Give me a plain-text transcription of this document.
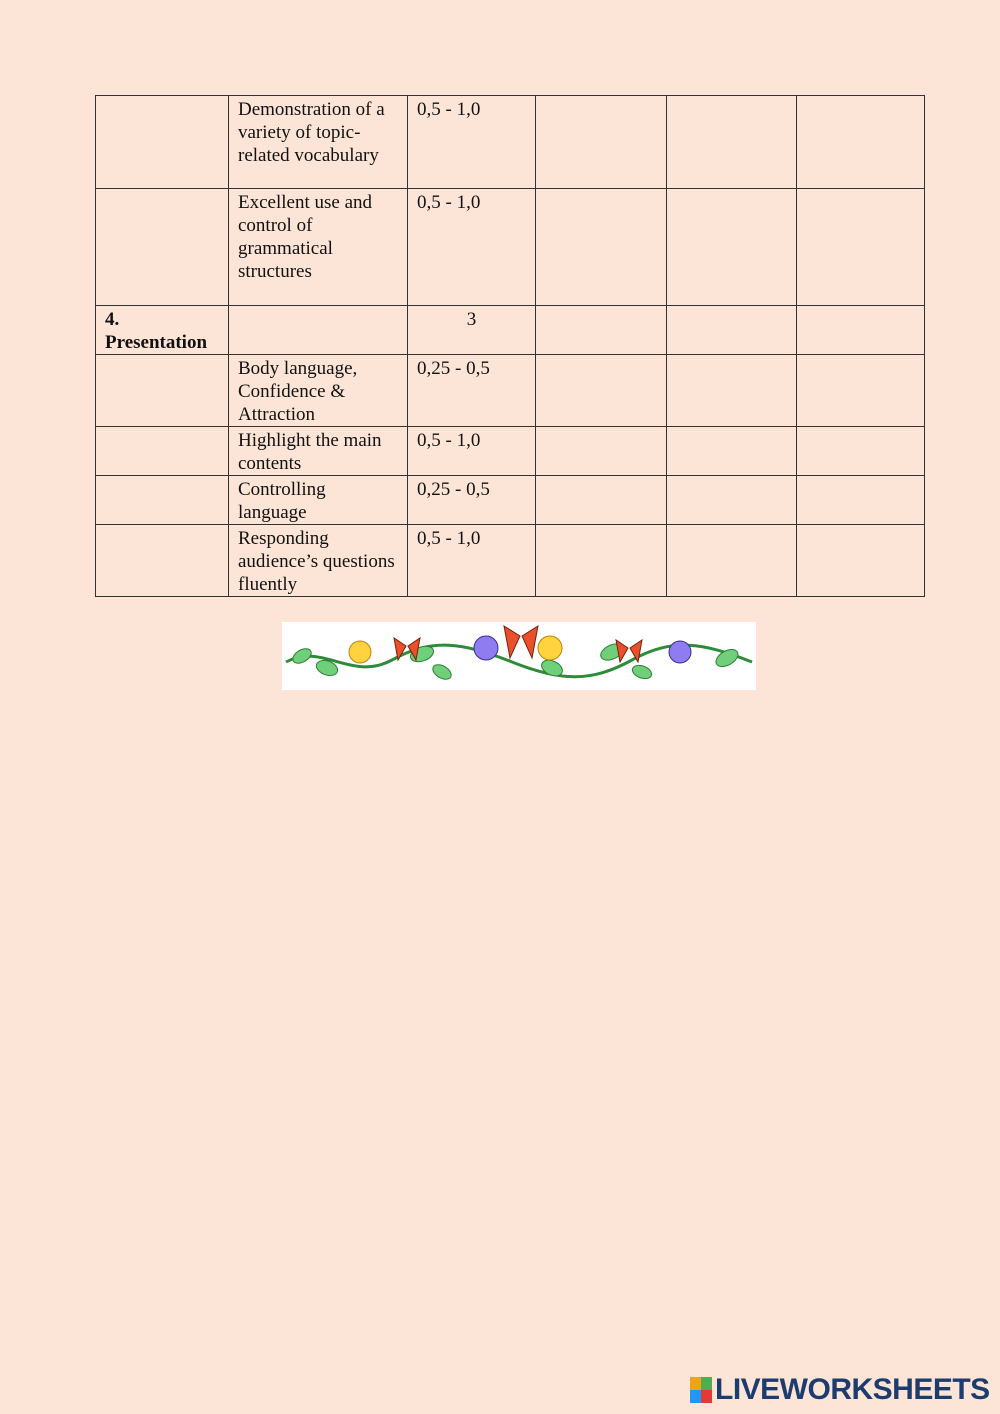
	Demonstration of a variety of topic-related vocabulary	0,5 - 1,0			
	Excellent use and control of grammatical structures	0,5 - 1,0			
4. Presentation		3			
	Body language, Confidence & Attraction	0,25 - 0,5			
	Highlight the main contents	0,5 - 1,0			
	Controlling language	0,25 - 0,5			
	Responding audience’s questions fluently	0,5 - 1,0			
LIVEWORKSHEETS
